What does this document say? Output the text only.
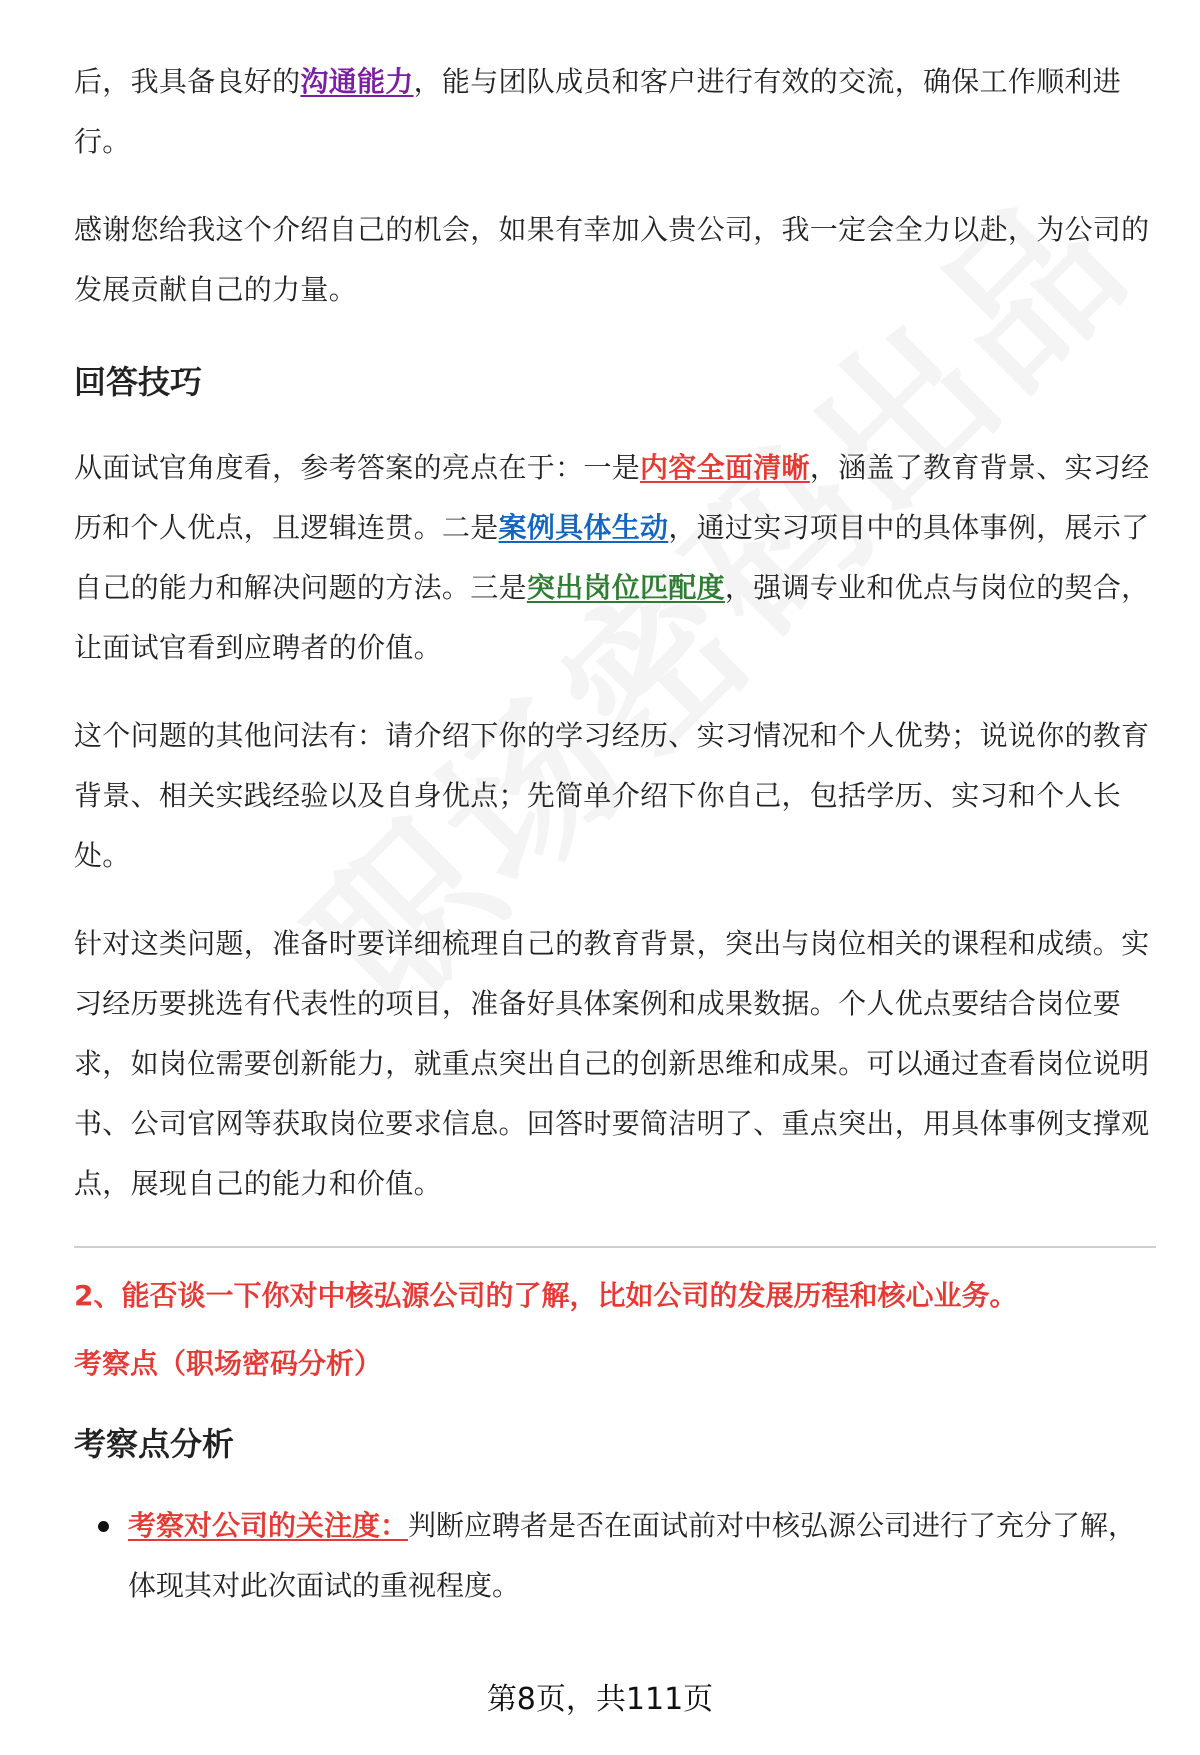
后，我具备良好的沟通能力，能与团队成员和客户进行有效的交流，确保工作顺利进行。

感谢您给我这个介绍自己的机会，如果有幸加入贵公司，我一定会全力以赴，为公司的发展贡献自己的力量。

回答技巧

从面试官角度看，参考答案的亮点在于：一是内容全面清晰，涵盖了教育背景、实习经历和个人优点，且逻辑连贯。二是案例具体生动，通过实习项目中的具体事例，展示了自己的能力和解决问题的方法。三是突出岗位匹配度，强调专业和优点与岗位的契合，让面试官看到应聘者的价值。

这个问题的其他问法有：请介绍下你的学习经历、实习情况和个人优势；说说你的教育背景、相关实践经验以及自身优点；先简单介绍下你自己，包括学历、实习和个人长处。

针对这类问题，准备时要详细梳理自己的教育背景，突出与岗位相关的课程和成绩。实习经历要挑选有代表性的项目，准备好具体案例和成果数据。个人优点要结合岗位要求，如岗位需要创新能力，就重点突出自己的创新思维和成果。可以通过查看岗位说明书、公司官网等获取岗位要求信息。回答时要简洁明了、重点突出，用具体事例支撑观点，展现自己的能力和价值。

2、能否谈一下你对中核弘源公司的了解，比如公司的发展历程和核心业务。

考察点（职场密码分析）

考察点分析
考察对公司的关注度：判断应聘者是否在面试前对中核弘源公司进行了充分了解，体现其对此次面试的重视程度。
第8页，共111页
